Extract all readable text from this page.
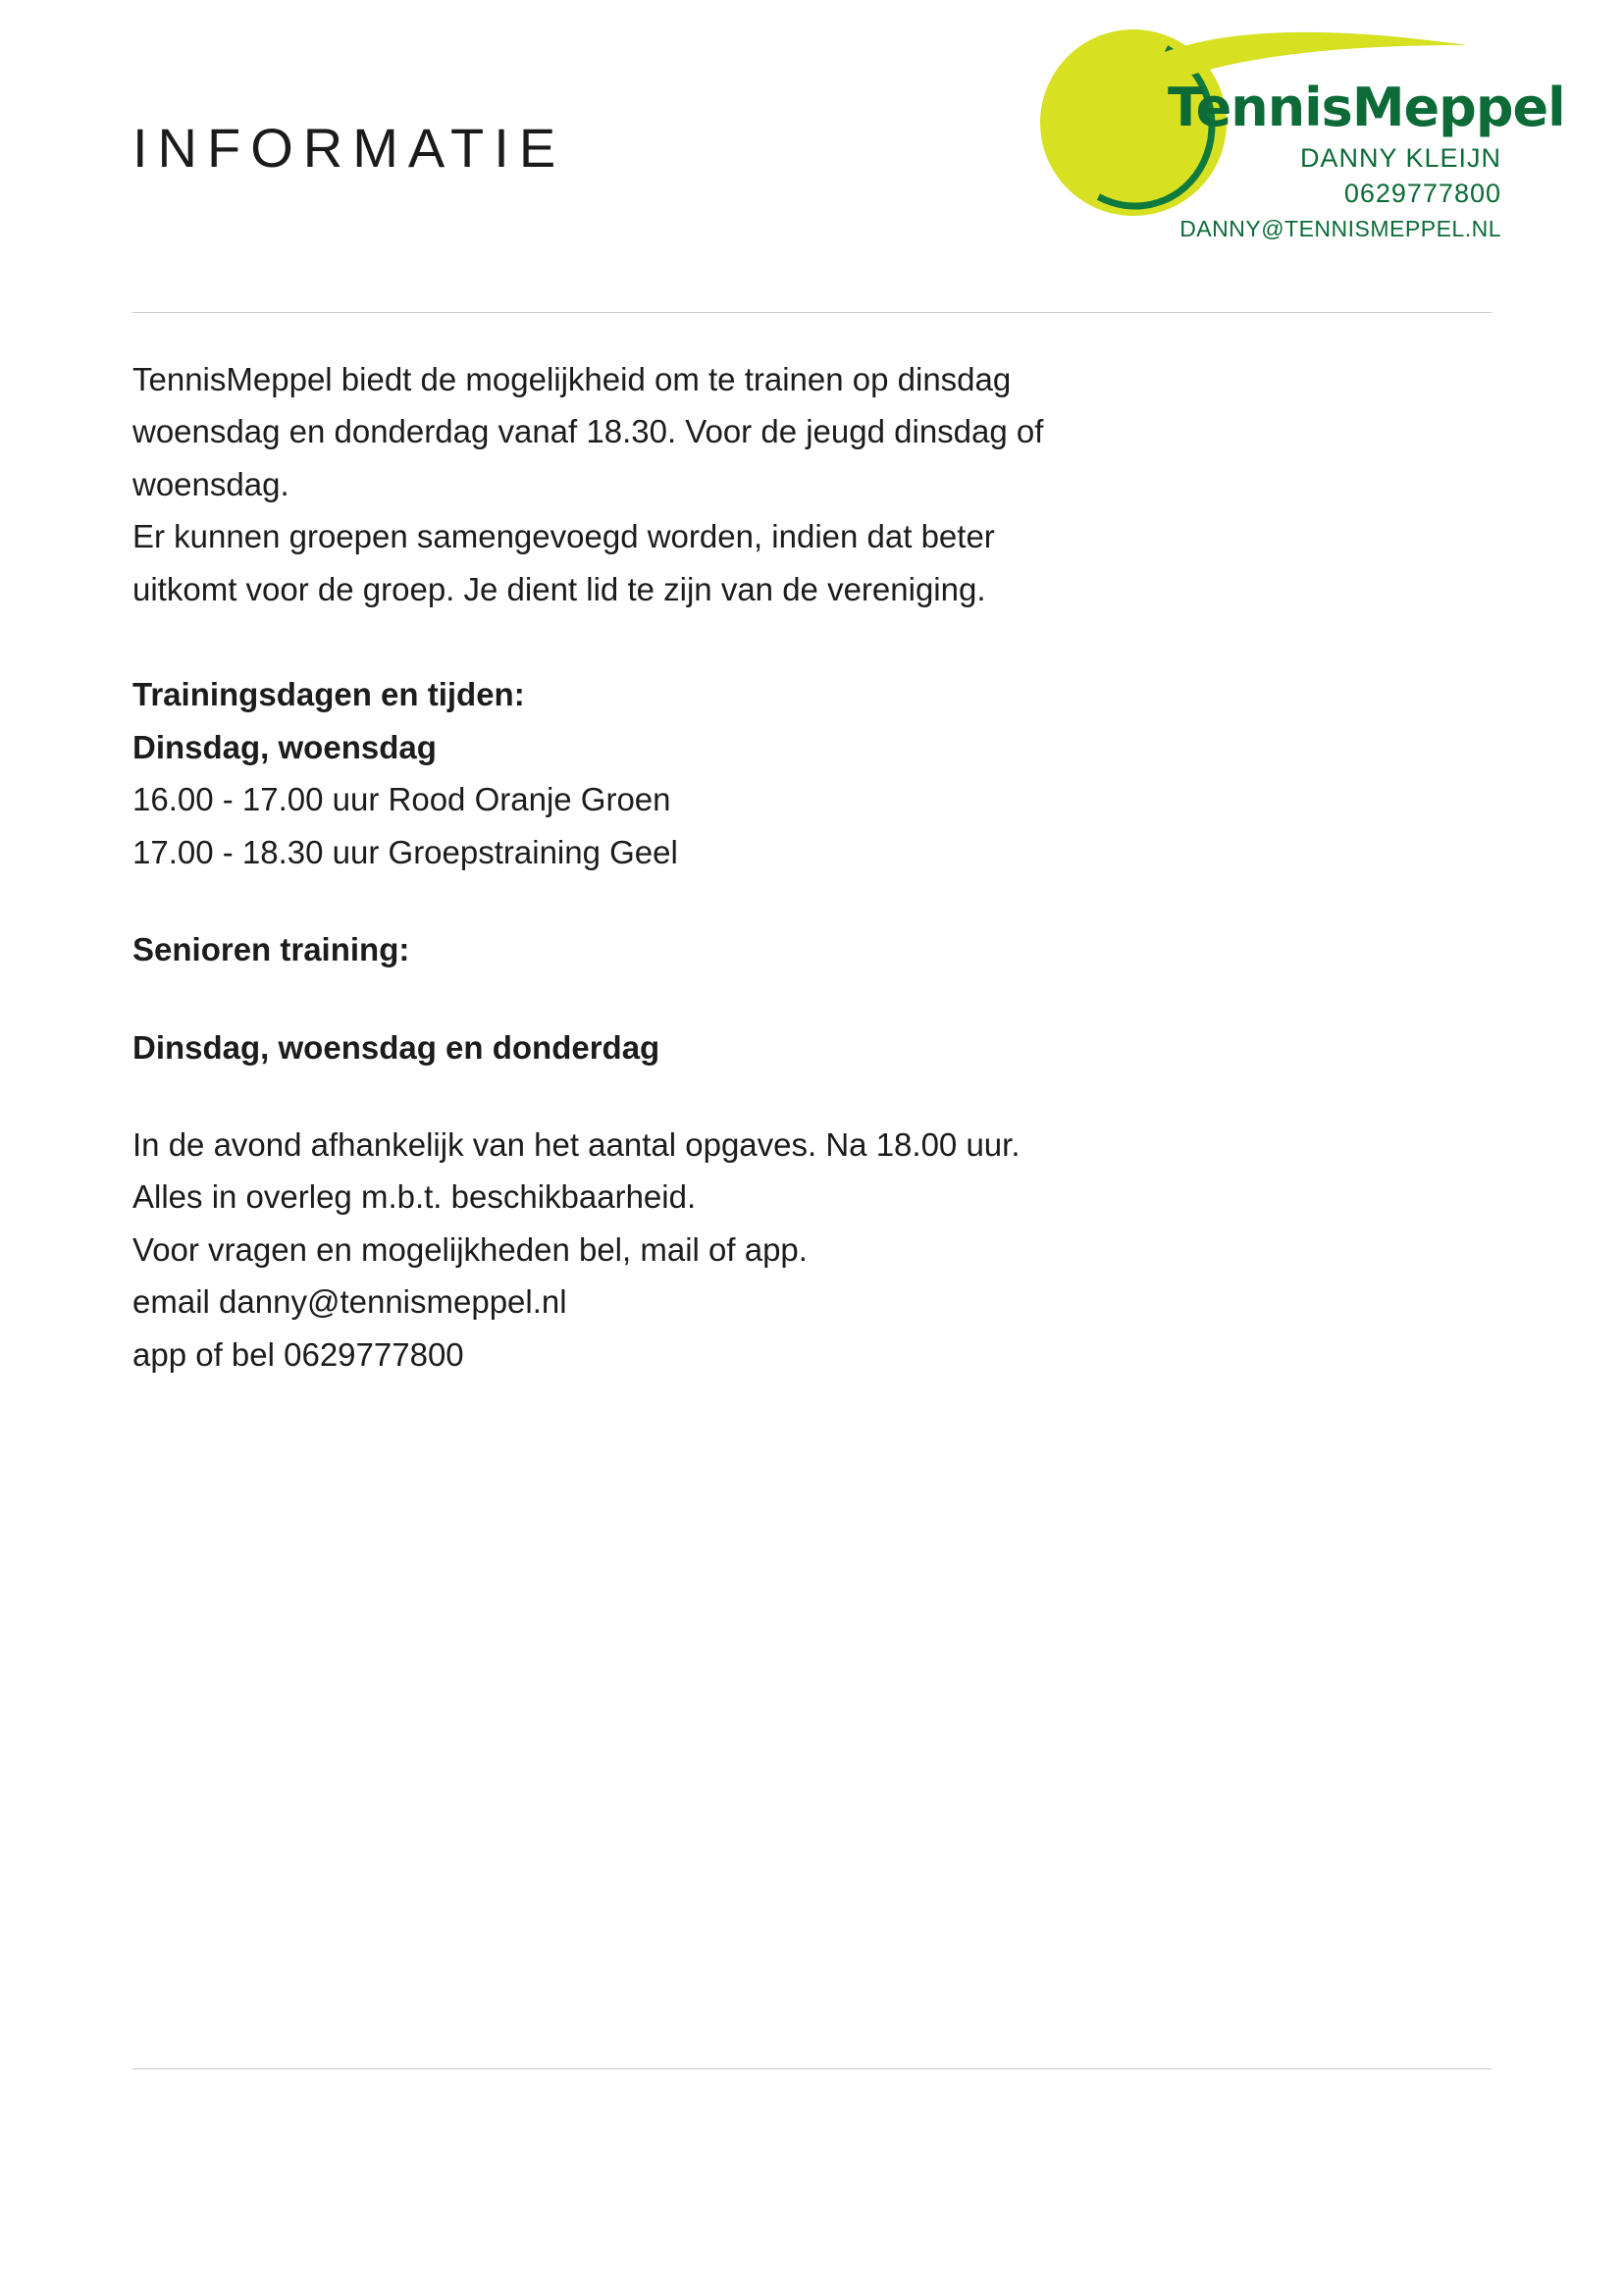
INFORMATIE
TennisMeppel
DANNY KLEIJN
0629777800
DANNY@TENNISMEPPEL.NL
TennisMeppel biedt de mogelijkheid om te trainen op dinsdag
woensdag en donderdag vanaf 18.30. Voor de jeugd dinsdag of
woensdag.
Er kunnen groepen samengevoegd worden, indien dat beter
uitkomt voor de groep. Je dient lid te zijn van de vereniging.
Trainingsdagen en tijden:
Dinsdag, woensdag
16.00 - 17.00 uur Rood Oranje Groen
17.00 - 18.30 uur Groepstraining Geel
Senioren training:
Dinsdag, woensdag en donderdag
In de avond afhankelijk van het aantal opgaves. Na 18.00 uur.
Alles in overleg m.b.t. beschikbaarheid.
Voor vragen en mogelijkheden bel, mail of app.
email danny@tennismeppel.nl
app of bel 0629777800
